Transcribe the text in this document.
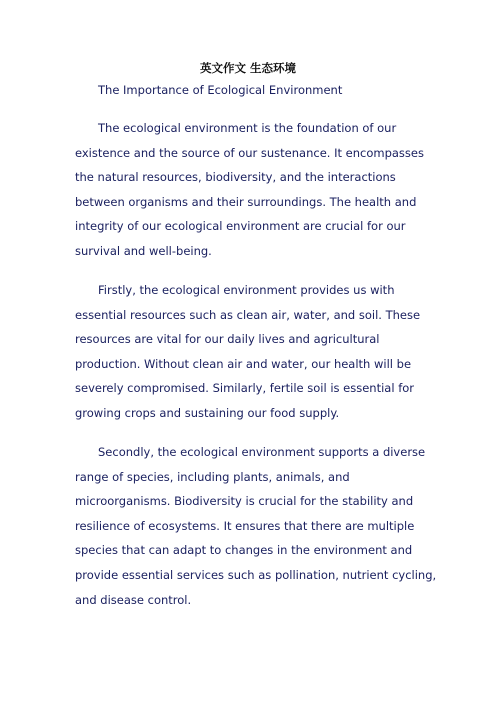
英文作文 生态环境

The Importance of Ecological Environment

The ecological environment is the foundation of our
existence and the source of our sustenance. It encompasses
the natural resources, biodiversity, and the interactions
between organisms and their surroundings. The health and
integrity of our ecological environment are crucial for our
survival and well-being.

Firstly, the ecological environment provides us with
essential resources such as clean air, water, and soil. These
resources are vital for our daily lives and agricultural
production. Without clean air and water, our health will be
severely compromised. Similarly, fertile soil is essential for
growing crops and sustaining our food supply.

Secondly, the ecological environment supports a diverse
range of species, including plants, animals, and
microorganisms. Biodiversity is crucial for the stability and
resilience of ecosystems. It ensures that there are multiple
species that can adapt to changes in the environment and
provide essential services such as pollination, nutrient cycling,
and disease control.
